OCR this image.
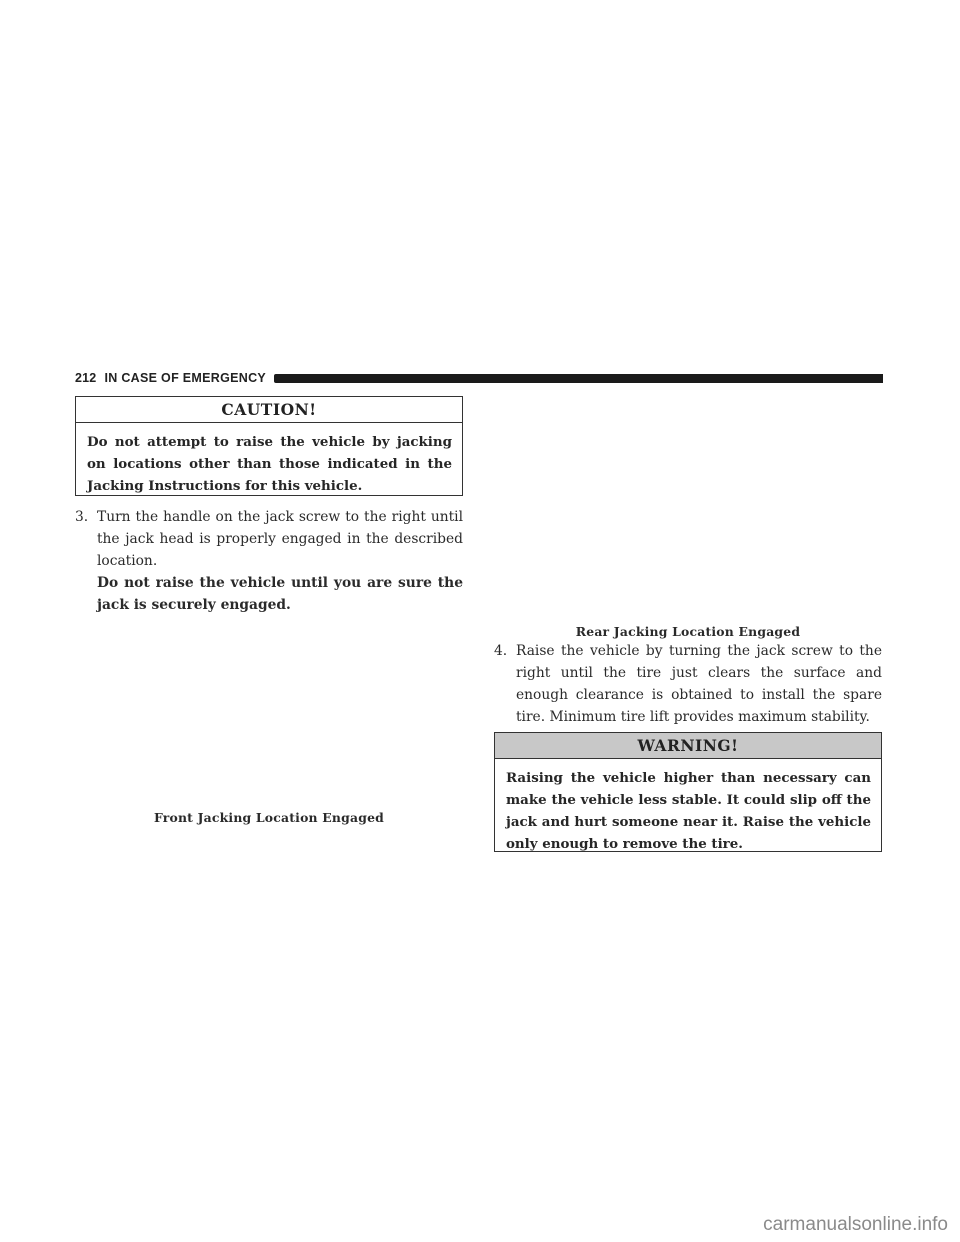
212 IN CASE OF EMERGENCY
CAUTION!
Do not attempt to raise the vehicle by jacking on locations other than those indicated in the Jacking Instructions for this vehicle.
3. Turn the handle on the jack screw to the right until the jack head is properly engaged in the described location.
Do not raise the vehicle until you are sure the jack is securely engaged.
Front Jacking Location Engaged
Rear Jacking Location Engaged
4. Raise the vehicle by turning the jack screw to the right until the tire just clears the surface and enough clearance is obtained to install the spare tire. Minimum tire lift provides maximum stability.
WARNING!
Raising the vehicle higher than necessary can make the vehicle less stable. It could slip off the jack and hurt someone near it. Raise the vehicle only enough to remove the tire.
carmanualsonline.info
